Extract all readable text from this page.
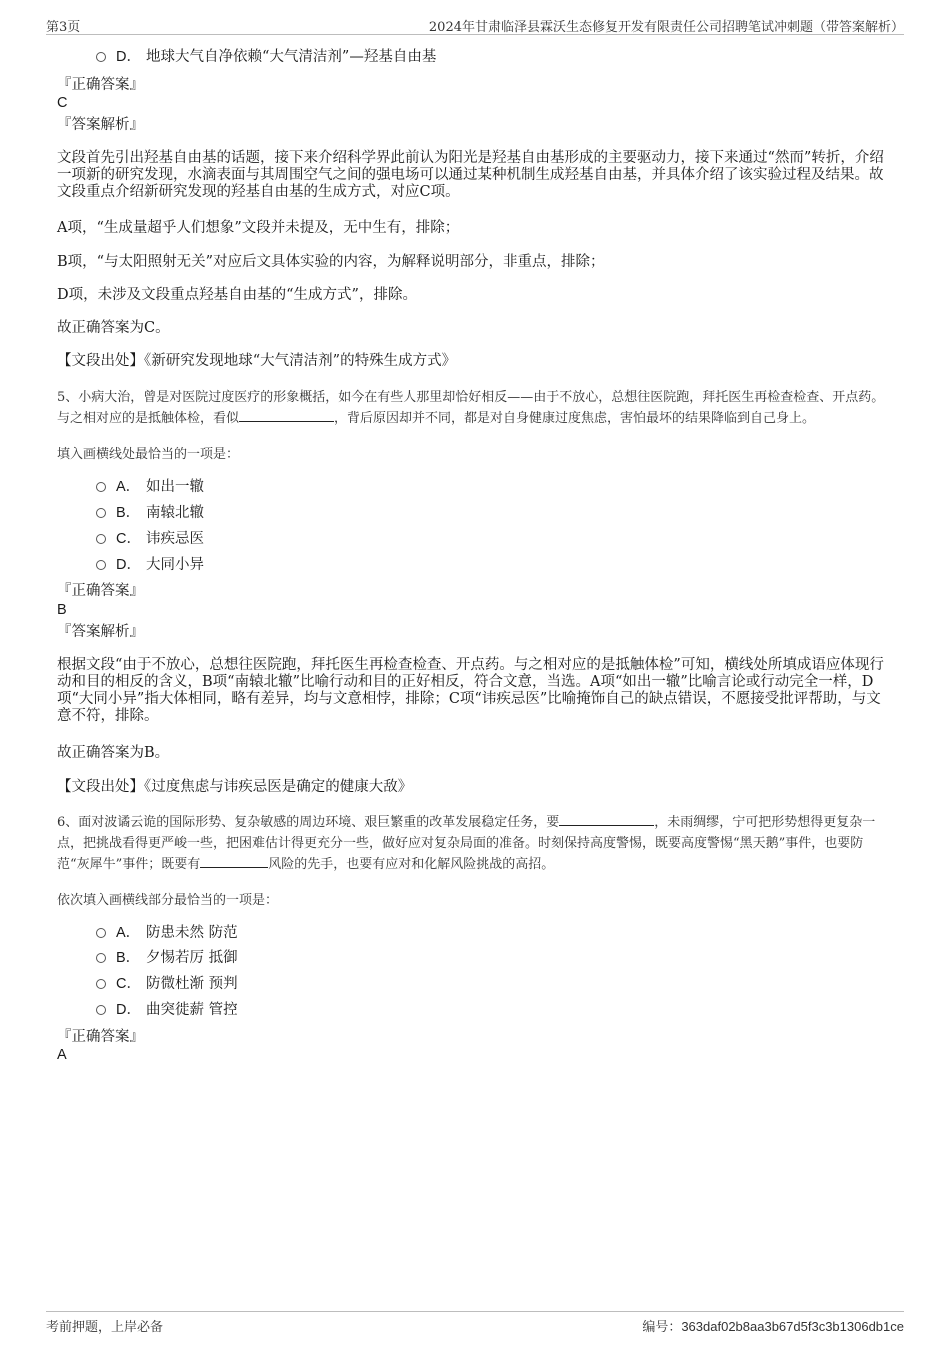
第3页	2024年甘肃临泽县霖沃生态修复开发有限责任公司招聘笔试冲刺题（带答案解析）
D． 地球大气自净依赖“大气清洁剂”—羟基自由基
『正确答案』
C
『答案解析』
文段首先引出羟基自由基的话题，接下来介绍科学界此前认为阳光是羟基自由基形成的主要驱动力，接下来通过“然而”转折，介绍一项新的研究发现，水滴表面与其周围空气之间的强电场可以通过某种机制生成羟基自由基，并具体介绍了该实验过程及结果。故文段重点介绍新研究发现的羟基自由基的生成方式，对应C项。
A项，“生成量超乎人们想象”文段并未提及，无中生有，排除；
B项，“与太阳照射无关”对应后文具体实验的内容，为解释说明部分，非重点，排除；
D项，未涉及文段重点羟基自由基的“生成方式”，排除。
故正确答案为C。
【文段出处】《新研究发现地球“大气清洁剂”的特殊生成方式》
5、小病大治，曾是对医院过度医疗的形象概括，如今在有些人那里却恰好相反——由于不放心，总想往医院跑，拜托医生再检查检查、开点药。与之相对应的是抵触体检，看似	，背后原因却并不同，都是对自身健康过度焦虑，害怕最坏的结果降临到自己身上。
填入画横线处最恰当的一项是：
A． 如出一辙
B． 南辕北辙
C． 讳疾忌医
D． 大同小异
『正确答案』
B
『答案解析』
根据文段“由于不放心，总想往医院跑，拜托医生再检查检查、开点药。与之相对应的是抵触体检”可知，横线处所填成语应体现行动和目的相反的含义，B项“南辕北辙”比喻行动和目的正好相反，符合文意，当选。A项“如出一辙”比喻言论或行动完全一样，D项“大同小异”指大体相同，略有差异，均与文意相悖，排除；C项“讳疾忌医”比喻掩饰自己的缺点错误，不愿接受批评帮助，与文意不符，排除。
故正确答案为B。
【文段出处】《过度焦虑与讳疾忌医是确定的健康大敌》
6、面对波谲云诡的国际形势、复杂敏感的周边环境、艰巨繁重的改革发展稳定任务，要	，未雨绸缪，宁可把形势想得更复杂一点，把挑战看得更严峻一些，把困难估计得更充分一些，做好应对复杂局面的准备。时刻保持高度警惕，既要高度警惕“黑天鹅”事件，也要防范“灰犀牛”事件；既要有	风险的先手，也要有应对和化解风险挑战的高招。
依次填入画横线部分最恰当的一项是：
A． 防患未然 防范
B． 夕惕若厉 抵御
C． 防微杜渐 预判
D． 曲突徙薪 管控
『正确答案』
A
考前押题，上岸必备	编号：363daf02b8aa3b67d5f3c3b1306db1ce
